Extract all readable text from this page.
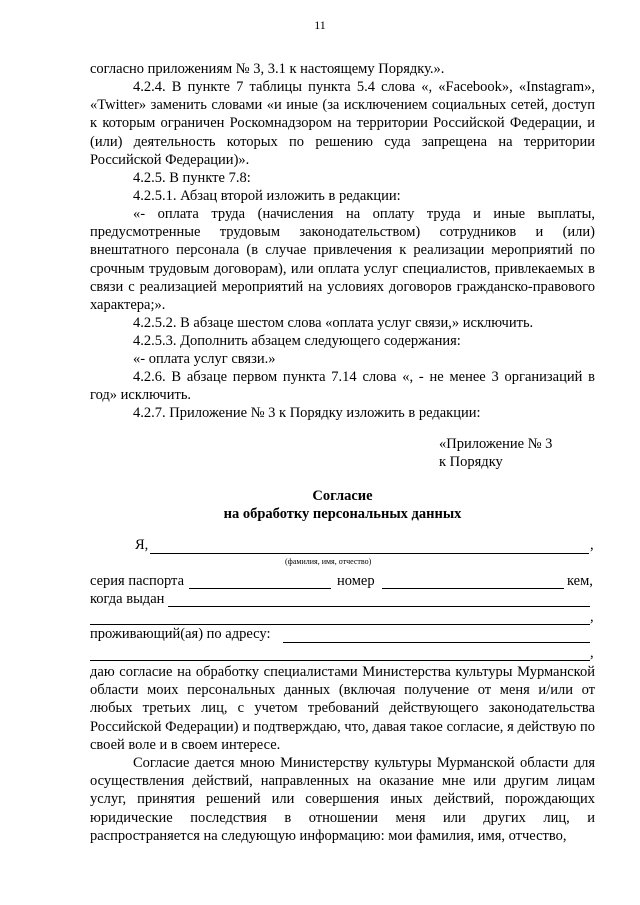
11
согласно приложениям № 3, 3.1 к настоящему Порядку.».
4.2.4. В пункте 7 таблицы пункта 5.4 слова «, «Facebook», «Instagram», «Twitter» заменить словами «и иные (за исключением социальных сетей, доступ к которым ограничен Роскомнадзором на территории Российской Федерации, и (или) деятельность которых по решению суда запрещена на территории Российской Федерации)».
4.2.5. В пункте 7.8:
4.2.5.1. Абзац второй изложить в редакции:
«- оплата труда (начисления на оплату труда и иные выплаты, предусмотренные трудовым законодательством) сотрудников и (или) внештатного персонала (в случае привлечения к реализации мероприятий по срочным трудовым договорам), или оплата услуг специалистов, привлекаемых в связи с реализацией мероприятий на условиях договоров гражданско-правового характера;».
4.2.5.2. В абзаце шестом слова «оплата услуг связи,» исключить.
4.2.5.3. Дополнить абзацем следующего содержания:
«- оплата услуг связи.»
4.2.6. В абзаце первом пункта 7.14 слова «, - не менее 3 организаций в год» исключить.
4.2.7. Приложение № 3 к Порядку изложить в редакции:
«Приложение № 3
к Порядку
Согласие
на обработку персональных данных
Я,	,
(фамилия, имя, отчество)
серия паспорта	номер	кем,
когда выдан
,
проживающий(ая) по адресу:
,
даю согласие на обработку специалистами Министерства культуры Мурманской области моих персональных данных (включая получение от меня и/или от любых третьих лиц, с учетом требований действующего законодательства Российской Федерации) и подтверждаю, что, давая такое согласие, я действую по своей воле и в своем интересе.
Согласие дается мною Министерству культуры Мурманской области для осуществления действий, направленных на оказание мне или другим лицам услуг, принятия решений или совершения иных действий, порождающих юридические последствия в отношении меня или других лиц, и распространяется на следующую информацию: мои фамилия, имя, отчество,
